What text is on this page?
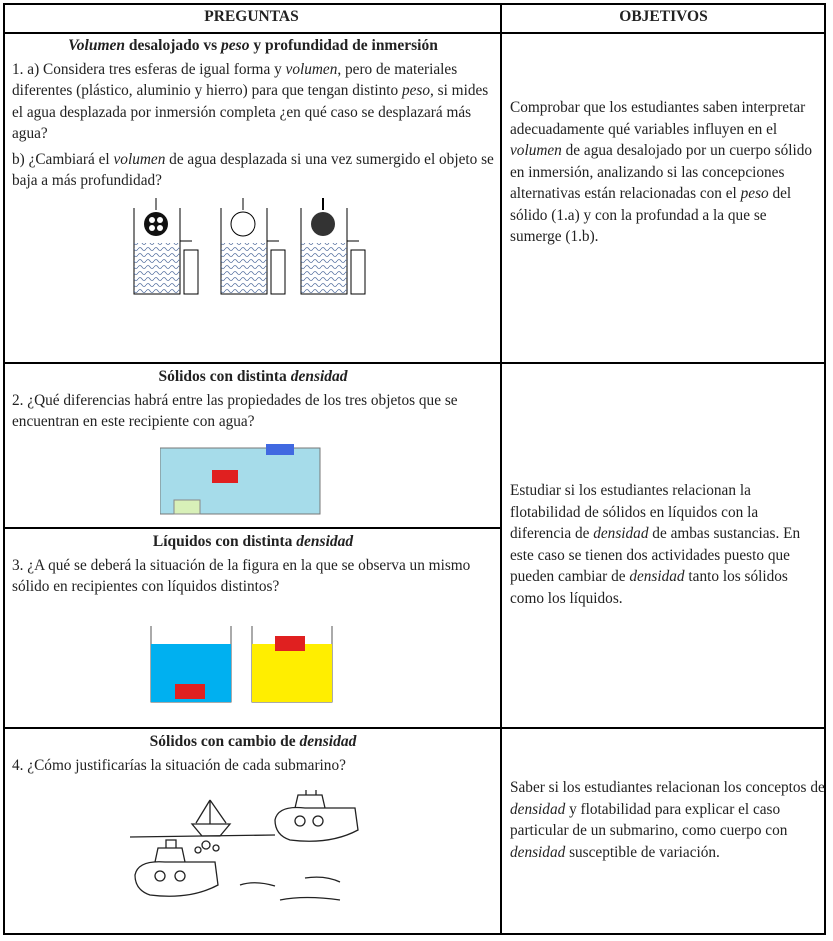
PREGUNTAS	OBJETIVOS
Volumen desalojado vs peso y profundidad de inmersión

1. a) Considera tres esferas de igual forma y volumen, pero de materiales diferentes (plástico, aluminio y hierro) para que tengan distinto peso, si mides el agua desplazada por inmersión completa ¿en qué caso se desplazará más agua?

b) ¿Cambiará el volumen de agua desplazada si una vez sumergido el objeto se baja a más profundidad?

Comprobar que los estudiantes saben interpretar adecuadamente qué variables influyen en el volumen de agua desalojado por un cuerpo sólido en inmersión, analizando si las concepciones alternativas están relacionadas con el peso del sólido (1.a) y con la profundad a la que se sumerge (1.b).
Sólidos con distinta densidad

2. ¿Qué diferencias habrá entre las propiedades de los tres objetos que se encuentran en este recipiente con agua?

Estudiar si los estudiantes relacionan la flotabilidad de sólidos en líquidos con la diferencia de densidad de ambas sustancias. En este caso se tienen dos actividades puesto que pueden cambiar de densidad tanto los sólidos como los líquidos.
Líquidos con distinta densidad

3. ¿A qué se deberá la situación de la figura en la que se observa un mismo sólido en recipientes con líquidos distintos?

Sólidos con cambio de densidad

4. ¿Cómo justificarías la situación de cada submarino?

Saber si los estudiantes relacionan los conceptos de densidad y flotabilidad para explicar el caso particular de un submarino, como cuerpo con densidad susceptible de variación.
